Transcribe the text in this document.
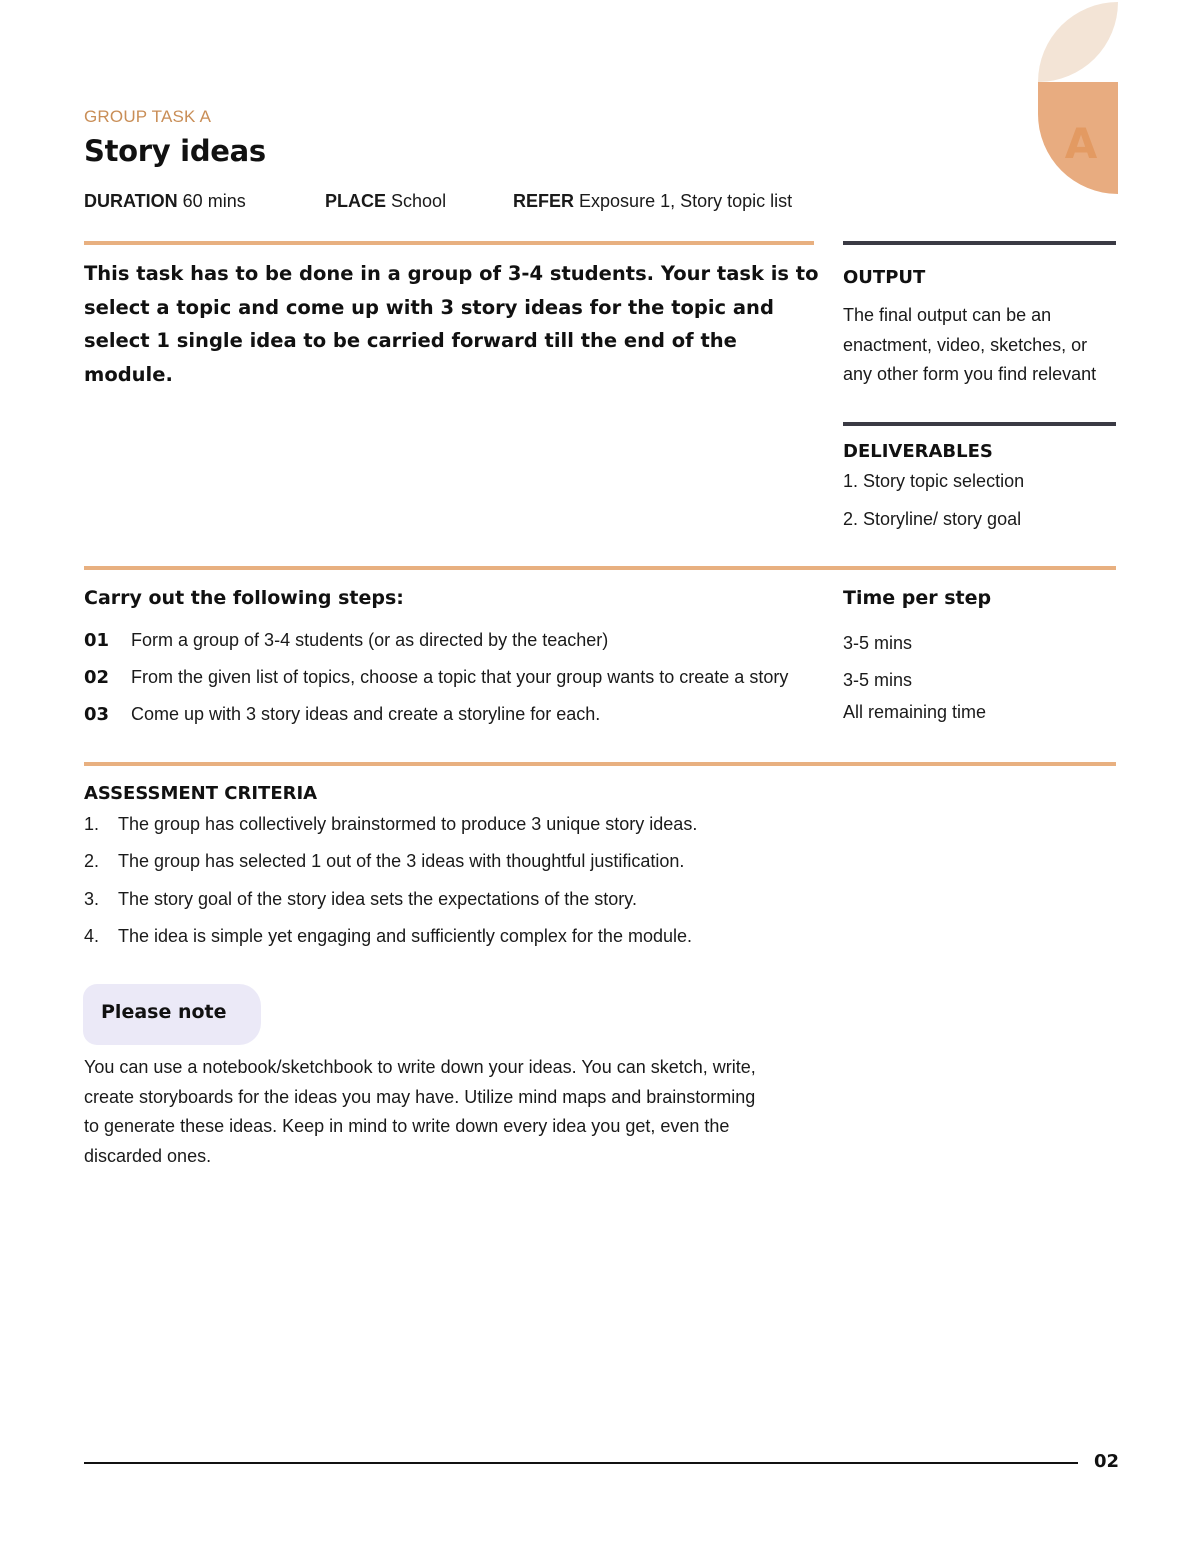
A
GROUP TASK A
Story ideas
DURATION 60 mins	PLACE School	REFER Exposure 1, Story topic list
This task has to be done in a group of 3-4 students. Your task is to select a topic and come up with 3 story ideas for the topic and select 1 single idea to be carried forward till the end of the module.
OUTPUT
The final output can be an enactment, video, sketches, or any other form you find relevant
DELIVERABLES
1. Story topic selection
2. Storyline/ story goal
Carry out the following steps:	Time per step
01 Form a group of 3-4 students (or as directed by the teacher)	3-5 mins
02 From the given list of topics, choose a topic that your group wants to create a story	3-5 mins
03 Come up with 3 story ideas and create a storyline for each.	All remaining time
ASSESSMENT CRITERIA
1. The group has collectively brainstormed to produce 3 unique story ideas.
2. The group has selected 1 out of the 3 ideas with thoughtful justification.
3. The story goal of the story idea sets the expectations of the story.
4. The idea is simple yet engaging and sufficiently complex for the module.
Please note
You can use a notebook/sketchbook to write down your ideas. You can sketch, write, create storyboards for the ideas you may have. Utilize mind maps and brainstorming to generate these ideas. Keep in mind to write down every idea you get, even the discarded ones.
02
